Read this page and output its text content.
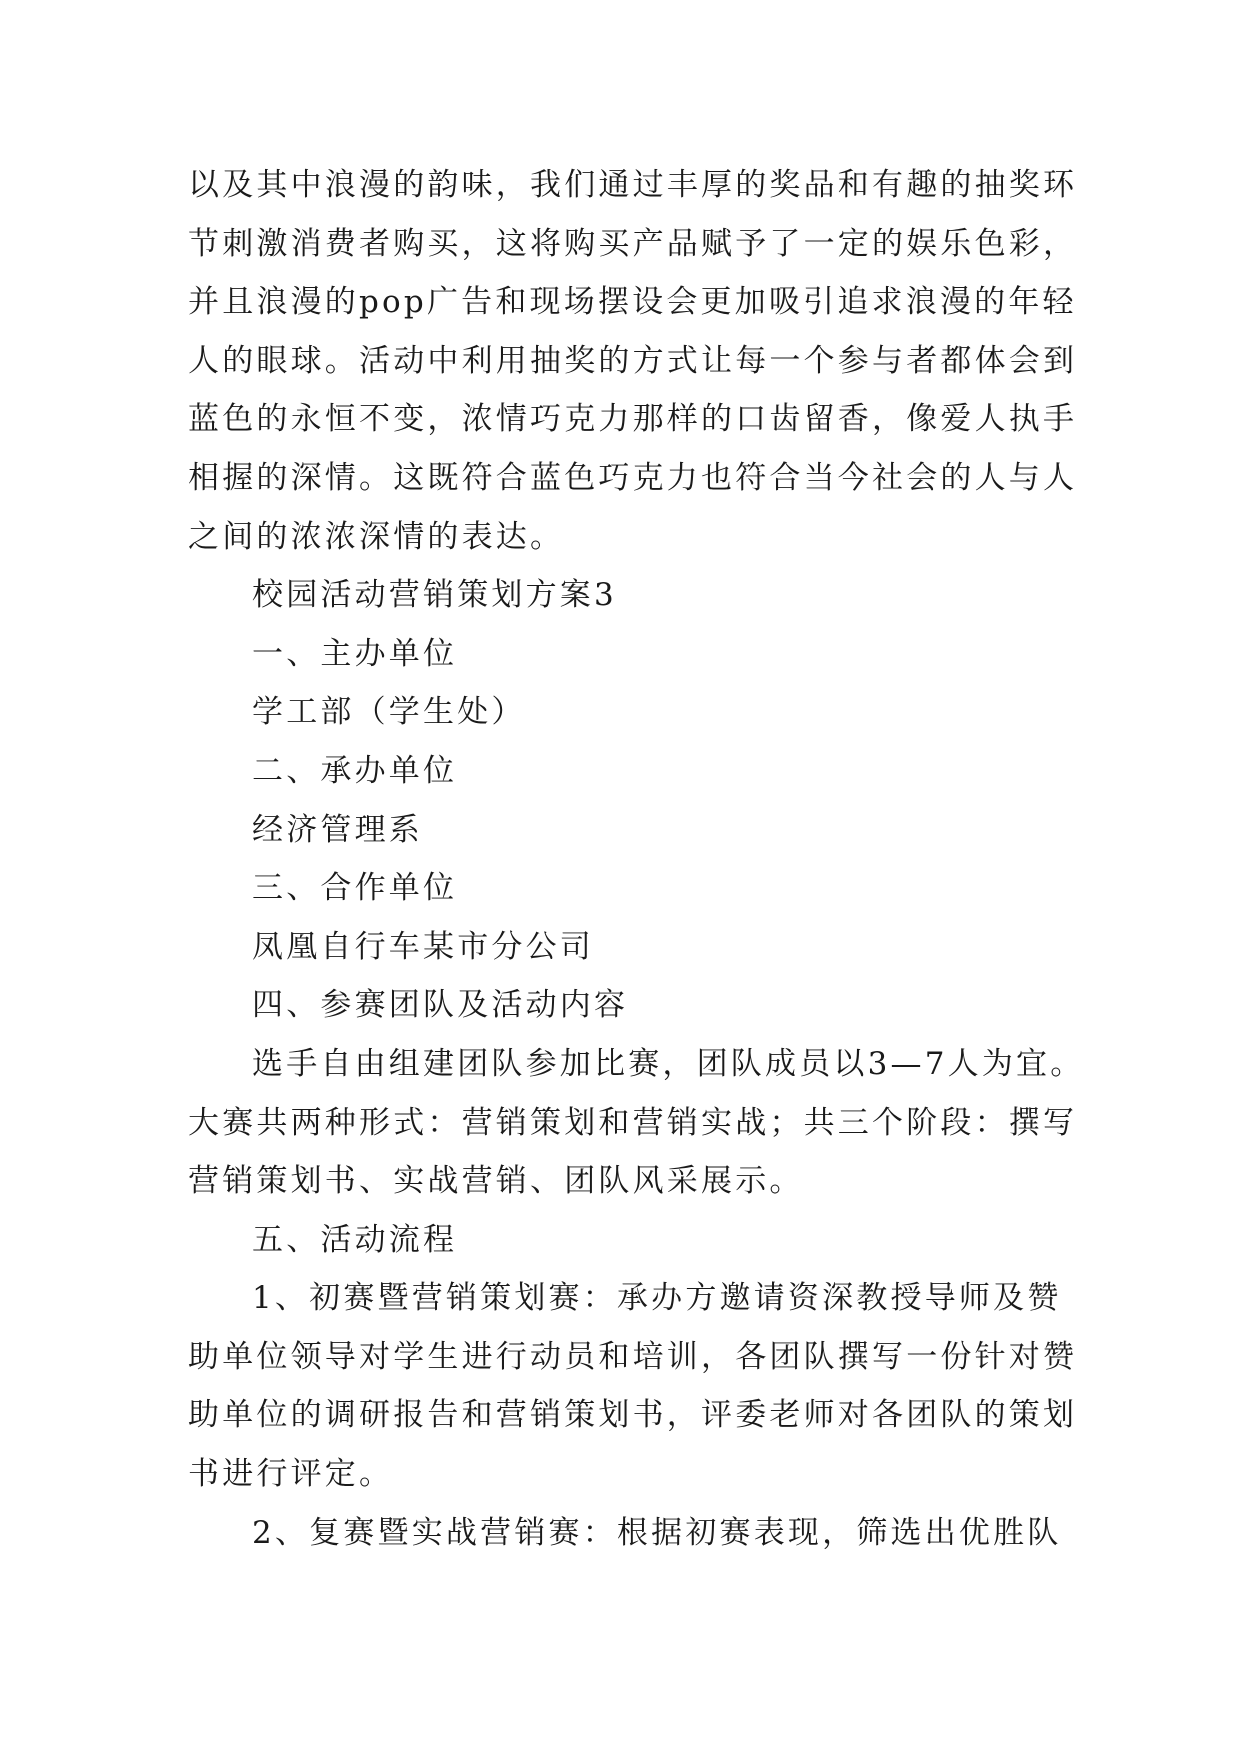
以及其中浪漫的韵味，我们通过丰厚的奖品和有趣的抽奖环
节刺激消费者购买，这将购买产品赋予了一定的娱乐色彩，
并且浪漫的pop广告和现场摆设会更加吸引追求浪漫的年轻
人的眼球。活动中利用抽奖的方式让每一个参与者都体会到
蓝色的永恒不变，浓情巧克力那样的口齿留香，像爱人执手
相握的深情。这既符合蓝色巧克力也符合当今社会的人与人
之间的浓浓深情的表达。
校园活动营销策划方案3
一、主办单位
学工部（学生处）
二、承办单位
经济管理系
三、合作单位
凤凰自行车某市分公司
四、参赛团队及活动内容
选手自由组建团队参加比赛，团队成员以3—7人为宜。
大赛共两种形式：营销策划和营销实战；共三个阶段：撰写
营销策划书、实战营销、团队风采展示。
五、活动流程
1、初赛暨营销策划赛：承办方邀请资深教授导师及赞
助单位领导对学生进行动员和培训，各团队撰写一份针对赞
助单位的调研报告和营销策划书，评委老师对各团队的策划
书进行评定。
2、复赛暨实战营销赛：根据初赛表现，筛选出优胜队
